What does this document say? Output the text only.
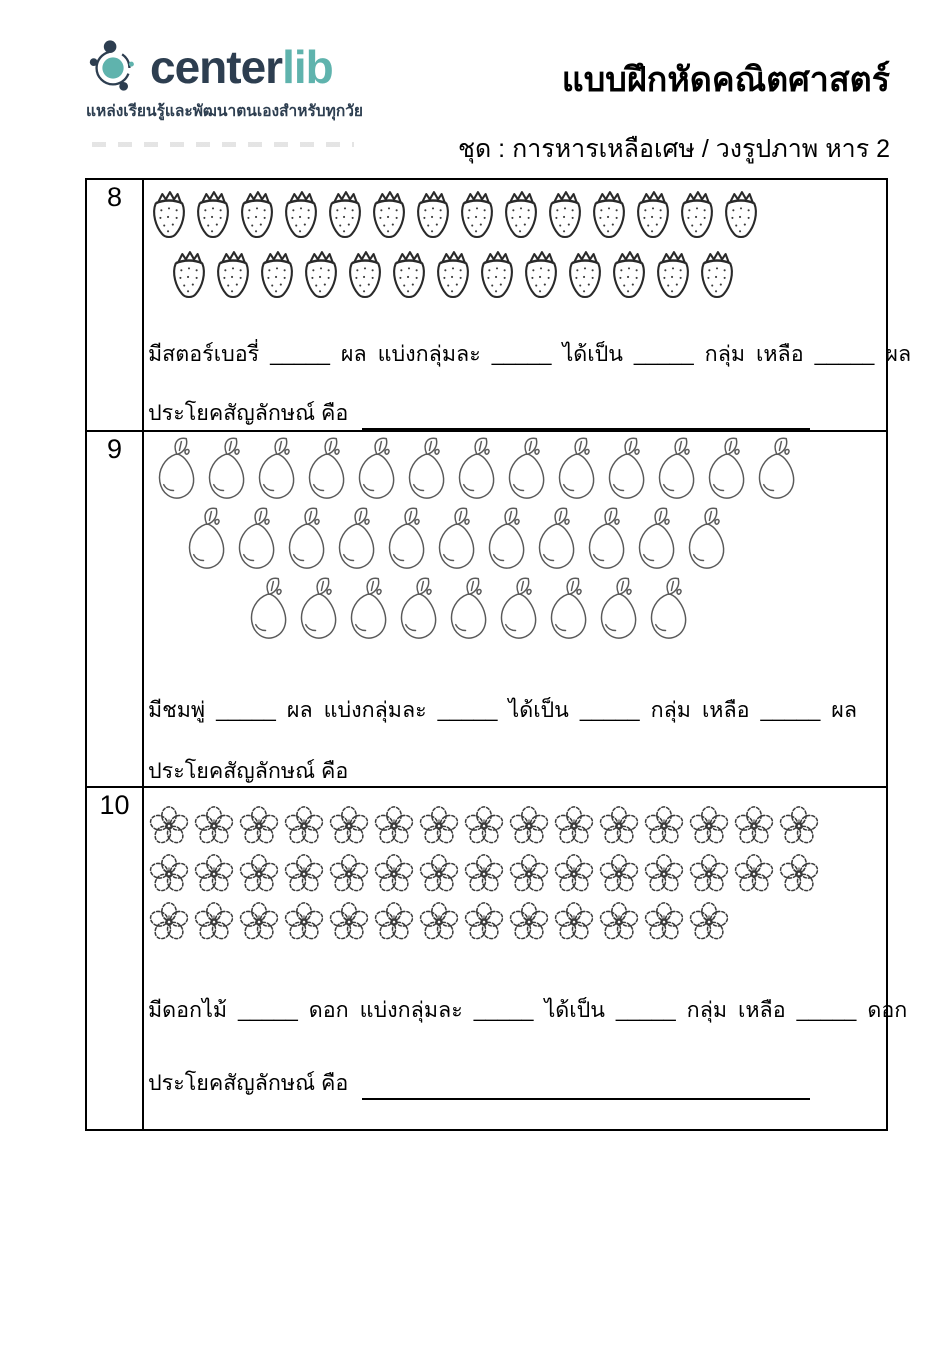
centerlib
แหล่งเรียนรู้และพัฒนาตนเองสำหรับทุกวัย
แบบฝึกหัดคณิตศาสตร์
ชุด : การหารเหลือเศษ / วงรูปภาพ หาร 2
8
มีสตอร์เบอรี่ _____ ผล แบ่งกลุ่มละ _____ ได้เป็น _____ กลุ่ม เหลือ _____ ผล
ประโยคสัญลักษณ์ คือ
9
มีชมพู่ _____ ผล แบ่งกลุ่มละ _____ ได้เป็น _____ กลุ่ม เหลือ _____ ผล
ประโยคสัญลักษณ์ คือ
10
มีดอกไม้ _____ ดอก แบ่งกลุ่มละ _____ ได้เป็น _____ กลุ่ม เหลือ _____ ดอก
ประโยคสัญลักษณ์ คือ
